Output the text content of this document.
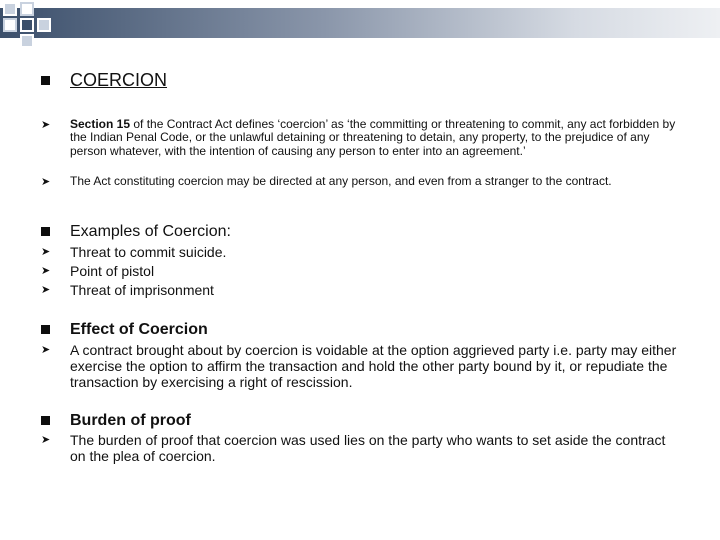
COERCION
➤ Section 15 of the Contract Act defines ‘coercion’ as ‘the committing or threatening to commit, any act forbidden by the Indian Penal Code, or the unlawful detaining or threatening to detain, any property, to the prejudice of any person whatever, with the intention of causing any person to enter into an agreement.’
➤ The Act constituting coercion may be directed at any person, and even from a stranger to the contract.
Examples of Coercion:
➤ Threat to commit suicide.
➤ Point of pistol
➤ Threat of imprisonment
Effect of Coercion
➤ A contract brought about by coercion is voidable at the option aggrieved party i.e. party may either exercise the option to affirm the transaction and hold the other party bound by it, or repudiate the transaction by exercising a right of rescission.
Burden of proof
➤ The burden of proof that coercion was used lies on the party who wants to set aside the contract on the plea of coercion.
